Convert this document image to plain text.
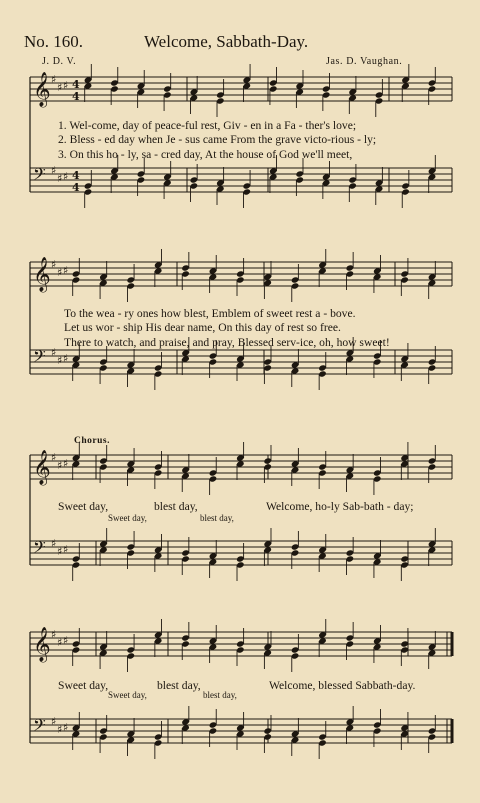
No. 160.	Welcome, Sabbath-Day.
J. D. V.	Jas. D. Vaughan.
𝄞 ♯
♯ ♯ 4
4
𝄢 ♯
♯ ♯ 4
4
𝄞 ♯
♯ ♯
𝄢 ♯
♯ ♯
𝄞 ♯
♯ ♯
𝄢 ♯
♯ ♯
𝄞 ♯
♯ ♯
𝄢 ♯
♯ ♯
1. Wel-come, day of peace-ful rest, Giv - en in a Fa - ther's love;
2. Bless - ed day when Je - sus came From the grave victo-rious - ly;
3. On this ho - ly, sa - cred day, At the house of God we'll meet,
To the wea - ry ones how blest, Emblem of sweet rest a - bove.
Let us wor - ship His dear name, On this day of rest so free.
There to watch, and praise, and pray, Blessed serv-ice, oh, how sweet!
Chorus.
Sweet day,	blest day,	Welcome, ho-ly Sab-bath - day;
Sweet day,	blest day,
Sweet day,	blest day,	Welcome, blessed Sabbath-day.
Sweet day,	blest day,
